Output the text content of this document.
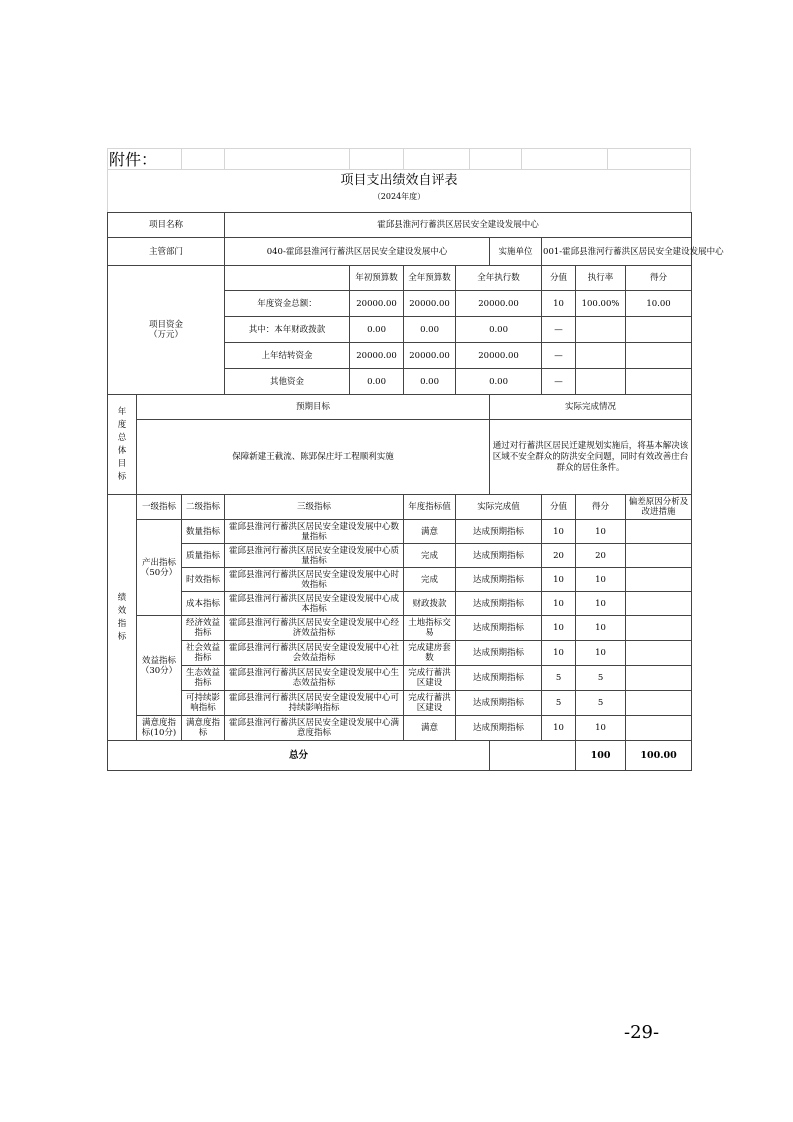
附件：
项目支出绩效自评表
（2024年度）
项目名称			霍邱县淮河行蓄洪区居民安全建设发展中心								
主管部门			040-霍邱县淮河行蓄洪区居民安全建设发展中心				实施单位	001-霍邱县淮河行蓄洪区居民安全建设发展中心			

项目资金
（万元）				年初预算数	全年预算数	全年执行数		分值	执行率	得分	
			年度资金总额：	20000.00	20000.00	20000.00		10	100.00%	10.00	
			其中：本年财政拨款	0.00	0.00	0.00		—			
			上年结转资金	20000.00	20000.00	20000.00		—			
			其他资金	0.00	0.00	0.00		—			
年度总体目标	预期目标						实际完成情况				
	保障新建王截流、陈郢保庄圩工程顺利实施						通过对行蓄洪区居民迁建规划实施后，将基本解决该区域不安全群众的防洪安全问题，同时有效改善庄台群众的居住条件。				
绩效指标	一级指标	二级指标	三级指标		年度指标值	实际完成值		分值	得分	偏差原因分析及改进措施	
	产出指标（50分）	数量指标	霍邱县淮河行蓄洪区居民安全建设发展中心数量指标		满意	达成预期指标		10	10		
		质量指标	霍邱县淮河行蓄洪区居民安全建设发展中心质量指标		完成	达成预期指标		20	20		
		时效指标	霍邱县淮河行蓄洪区居民安全建设发展中心时效指标		完成	达成预期指标		10	10		
		成本指标	霍邱县淮河行蓄洪区居民安全建设发展中心成本指标		财政拨款	达成预期指标		10	10		
	效益指标（30分）	经济效益指标	霍邱县淮河行蓄洪区居民安全建设发展中心经济效益指标		土地指标交易	达成预期指标		10	10		
		社会效益指标	霍邱县淮河行蓄洪区居民安全建设发展中心社会效益指标		完成建房套数	达成预期指标		10	10		
		生态效益指标	霍邱县淮河行蓄洪区居民安全建设发展中心生态效益指标		完成行蓄洪区建设	达成预期指标		5	5		
		可持续影响指标	霍邱县淮河行蓄洪区居民安全建设发展中心可持续影响指标		完成行蓄洪区建设	达成预期指标		5	5		
	满意度指标(10分)	满意度指标	霍邱县淮河行蓄洪区居民安全建设发展中心满意度指标		满意	达成预期指标		10	10		
总分									100	100.00	
-29-
